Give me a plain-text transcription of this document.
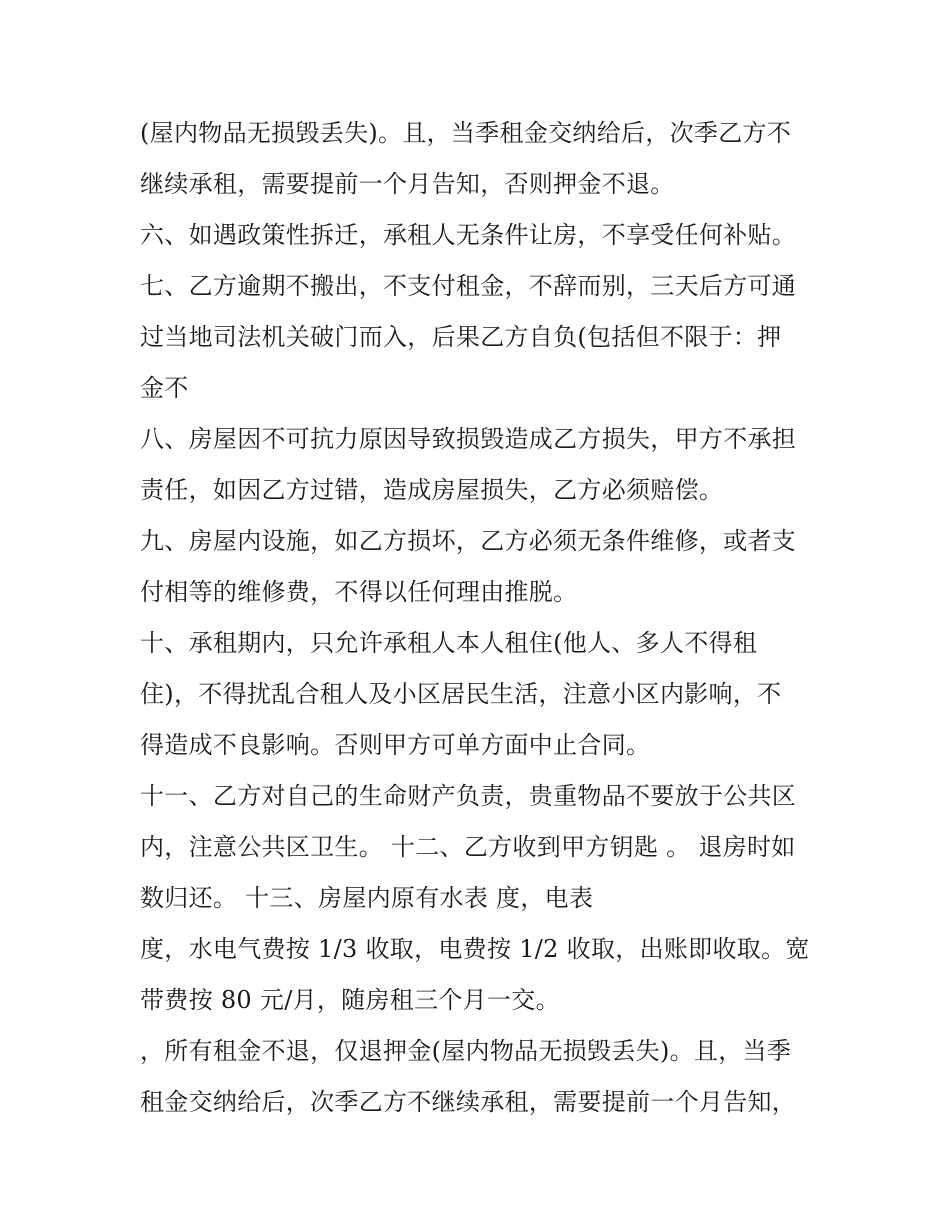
(屋内物品无损毁丢失)。且，当季租金交纳给后，次季乙方不
继续承租，需要提前一个月告知，否则押金不退。
六、如遇政策性拆迁，承租人无条件让房，不享受任何补贴。
七、乙方逾期不搬出，不支付租金，不辞而别，三天后方可通
过当地司法机关破门而入，后果乙方自负(包括但不限于：押
金不
八、房屋因不可抗力原因导致损毁造成乙方损失，甲方不承担
责任，如因乙方过错，造成房屋损失，乙方必须赔偿。
九、房屋内设施，如乙方损坏，乙方必须无条件维修，或者支
付相等的维修费，不得以任何理由推脱。
十、承租期内，只允许承租人本人租住(他人、多人不得租
住)，不得扰乱合租人及小区居民生活，注意小区内影响，不
得造成不良影响。否则甲方可单方面中止合同。
十一、乙方对自己的生命财产负责，贵重物品不要放于公共区
内，注意公共区卫生。 十二、乙方收到甲方钥匙 。 退房时如
数归还。 十三、房屋内原有水表 度，电表
度，水电气费按 1/3 收取，电费按 1/2 收取，出账即收取。宽
带费按 80 元/月，随房租三个月一交。
，所有租金不退，仅退押金(屋内物品无损毁丢失)。且，当季
租金交纳给后，次季乙方不继续承租，需要提前一个月告知，
